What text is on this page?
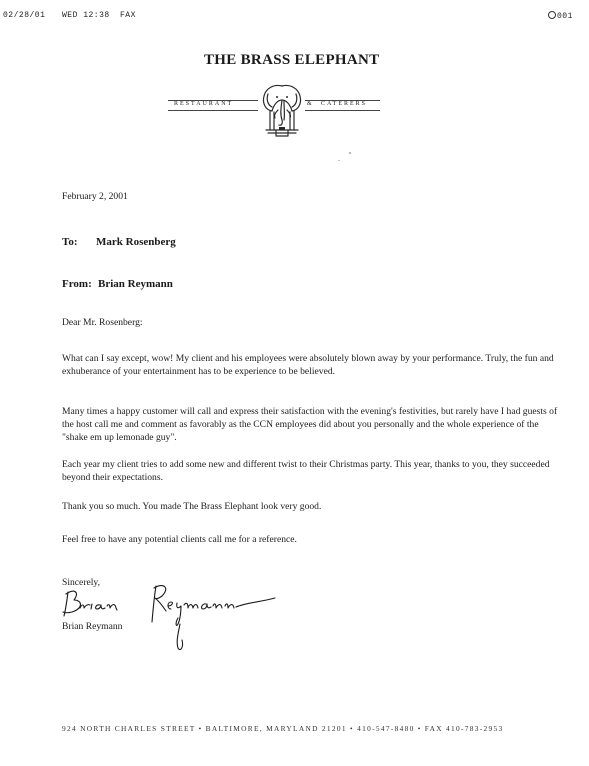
02/28/01 WED 12:38 FAX	001
THE BRASS ELEPHANT
RESTAURANT	& CATERERS
February 2, 2001
To: Mark Rosenberg
From: Brian Reymann
Dear Mr. Rosenberg:
What can I say except, wow! My client and his employees were absolutely blown away by your performance. Truly, the fun and exhuberance of your entertainment has to be experience to be believed.
Many times a happy customer will call and express their satisfaction with the evening's festivities, but rarely have I had guests of the host call me and comment as favorably as the CCN employees did about you personally and the whole experience of the "shake em up lemonade guy".
Each year my client tries to add some new and different twist to their Christmas party. This year, thanks to you, they succeeded beyond their expectations.
Thank you so much. You made The Brass Elephant look very good.
Feel free to have any potential clients call me for a reference.
Sincerely,
Brian Reymann
924 NORTH CHARLES STREET • BALTIMORE, MARYLAND 21201 • 410-547-8480 • FAX 410-783-2953
